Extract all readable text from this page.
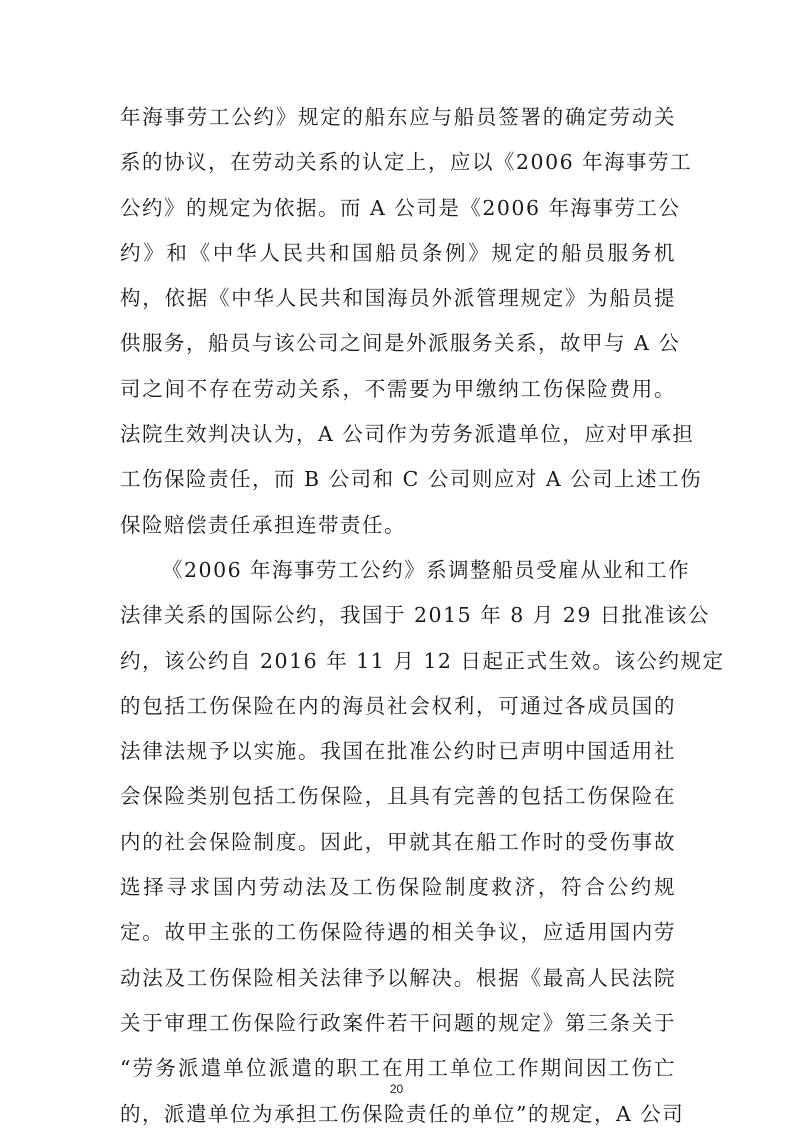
年海事劳工公约》规定的船东应与船员签署的确定劳动关
系的协议，在劳动关系的认定上，应以《2006 年海事劳工
公约》的规定为依据。而 A 公司是《2006 年海事劳工公
约》和《中华人民共和国船员条例》规定的船员服务机
构，依据《中华人民共和国海员外派管理规定》为船员提
供服务，船员与该公司之间是外派服务关系，故甲与 A 公
司之间不存在劳动关系，不需要为甲缴纳工伤保险费用。
法院生效判决认为，A 公司作为劳务派遣单位，应对甲承担
工伤保险责任，而 B 公司和 C 公司则应对 A 公司上述工伤
保险赔偿责任承担连带责任。
《2006 年海事劳工公约》系调整船员受雇从业和工作
法律关系的国际公约，我国于 2015 年 8 月 29 日批准该公
约，该公约自 2016 年 11 月 12 日起正式生效。该公约规定
的包括工伤保险在内的海员社会权利，可通过各成员国的
法律法规予以实施。我国在批准公约时已声明中国适用社
会保险类别包括工伤保险，且具有完善的包括工伤保险在
内的社会保险制度。因此，甲就其在船工作时的受伤事故
选择寻求国内劳动法及工伤保险制度救济，符合公约规
定。故甲主张的工伤保险待遇的相关争议，应适用国内劳
动法及工伤保险相关法律予以解决。根据《最高人民法院
关于审理工伤保险行政案件若干问题的规定》第三条关于
“劳务派遣单位派遣的职工在用工单位工作期间因工伤亡
的，派遣单位为承担工伤保险责任的单位”的规定，A 公司
20
